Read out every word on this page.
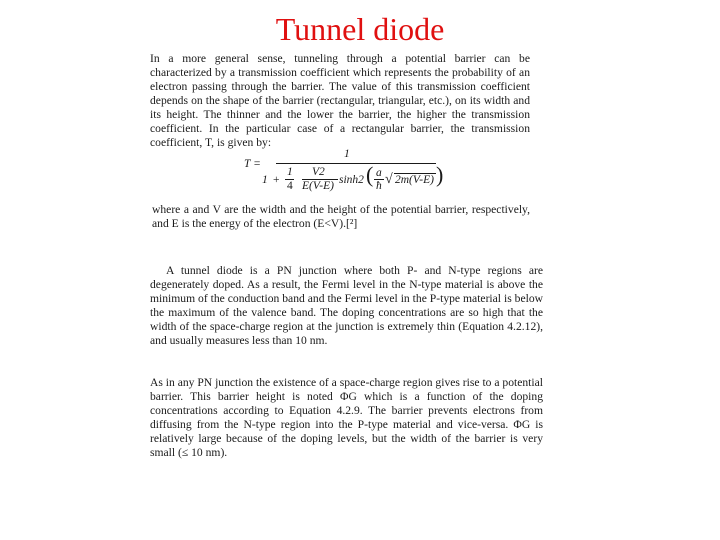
Tunnel diode
In a more general sense, tunneling through a potential barrier can be characterized by a transmission coefficient which represents the probability of an electron passing through the barrier. The value of this transmission coefficient depends on the shape of the barrier (rectangular, triangular, etc.), on its width and its height. The thinner and the lower the barrier, the higher the transmission coefficient. In the particular case of a rectangular barrier, the transmission coefficient, T, is given by:
T =
1
1 +
1
4
V2
E(V-E) sinh2 ( a
ħ √ 2m(V-E) )
where a and V are the width and the height of the potential barrier, respectively, and E is the energy of the electron (E<V).[²]
A tunnel diode is a PN junction where both P- and N-type regions are degenerately doped. As a result, the Fermi level in the N-type material is above the minimum of the conduction band and the Fermi level in the P-type material is below the maximum of the valence band. The doping concentrations are so high that the width of the space-charge region at the junction is extremely thin (Equation 4.2.12), and usually measures less than 10 nm.
As in any PN junction the existence of a space-charge region gives rise to a potential barrier. This barrier height is noted ΦG which is a function of the doping concentrations according to Equation 4.2.9. The barrier prevents electrons from diffusing from the N-type region into the P-type material and vice-versa. ΦG is relatively large because of the doping levels, but the width of the barrier is very small (≤ 10 nm).
